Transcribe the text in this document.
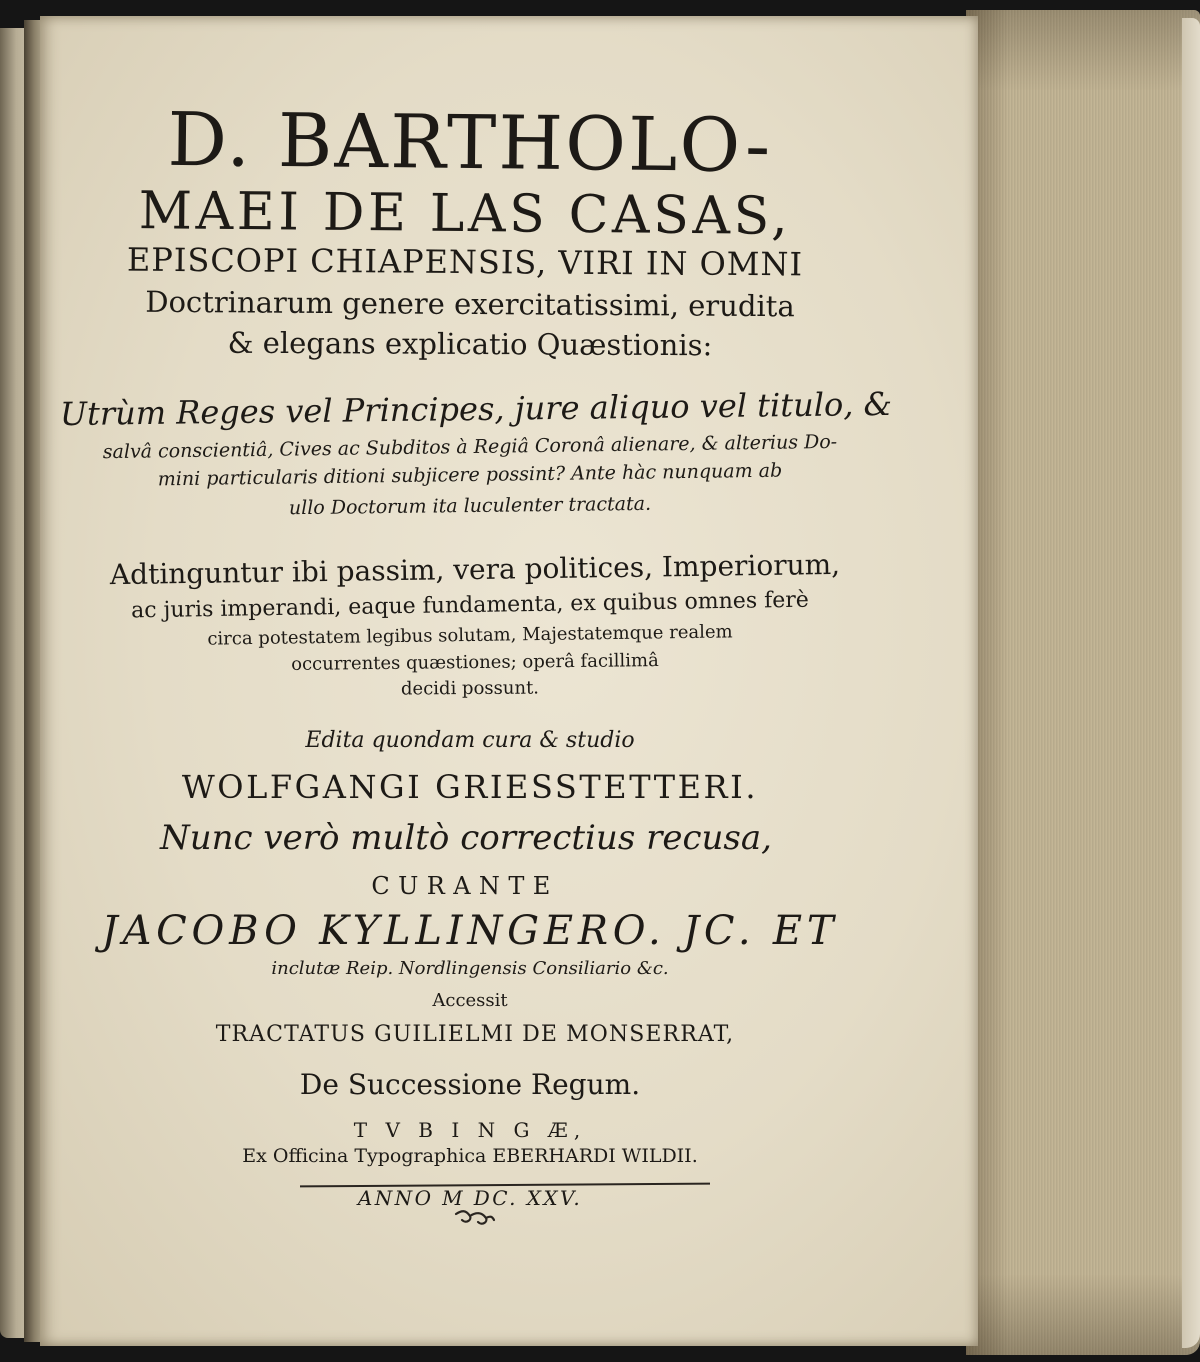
D. BARTHOLO-
MAEI DE LAS CASAS,
EPISCOPI CHIAPENSIS, VIRI IN OMNI
Doctrinarum genere exercitatissimi, erudita
& elegans explicatio Quæstionis:
Utrùm Reges vel Principes, jure aliquo vel titulo, &
salvâ conscientiâ, Cives ac Subditos à Regiâ Coronâ alienare, & alterius Do-
mini particularis ditioni subjicere possint? Ante hàc nunquam ab
ullo Doctorum ita luculenter tractata.
Adtinguntur ibi passim, vera politices, Imperiorum,
ac juris imperandi, eaque fundamenta, ex quibus omnes ferè
circa potestatem legibus solutam, Majestatemque realem
occurrentes quæstiones; operâ facillimâ
decidi possunt.
Edita quondam cura & studio
WOLFGANGI GRIESSTETTERI.
Nunc verò multò correctius recusa,
CURANTE
JACOBO KYLLINGERO. JC. ET
inclutæ Reip. Nordlingensis Consiliario &c.
Accessit
TRACTATUS GUILIELMI DE MONSERRAT,
De Successione Regum.
T V B I N G Æ,
Ex Officina Typographica EBERHARDI WILDII.
ANNO M DC. XXV.
